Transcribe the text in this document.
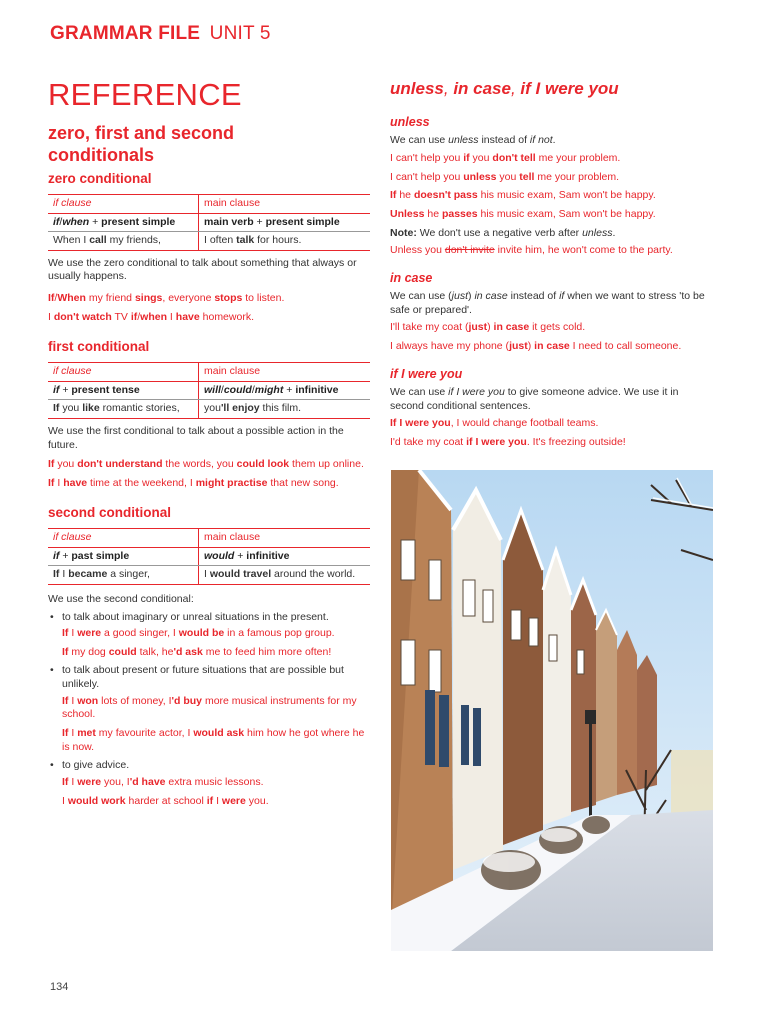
GRAMMAR FILE UNIT 5
REFERENCE
zero, first and second
conditionals
zero conditional
if clause	main clause
if/when + present simple	main verb + present simple
When I call my friends,	I often talk for hours.

We use the zero conditional to talk about something that always or usually happens.

If/When my friend sings, everyone stops to listen.

I don't watch TV if/when I have homework.

first conditional
if clause	main clause
if + present tense	will/could/might + infinitive
If you like romantic stories,	you'll enjoy this film.

We use the first conditional to talk about a possible action in the future.

If you don't understand the words, you could look them up online.

If I have time at the weekend, I might practise that new song.

second conditional
if clause	main clause
if + past simple	would + infinitive
If I became a singer,	I would travel around the world.

We use the second conditional:

• to talk about imaginary or unreal situations in the present.

If I were a good singer, I would be in a famous pop group.

If my dog could talk, he'd ask me to feed him more often!

• to talk about present or future situations that are possible but unlikely.

If I won lots of money, I'd buy more musical instruments for my school.

If I met my favourite actor, I would ask him how he got where he is now.

• to give advice.

If I were you, I'd have extra music lessons.

I would work harder at school if I were you.

unless, in case, if I were you
unless

We can use unless instead of if not.

I can't help you if you don't tell me your problem.

I can't help you unless you tell me your problem.

If he doesn't pass his music exam, Sam won't be happy.

Unless he passes his music exam, Sam won't be happy.

Note: We don't use a negative verb after unless.

Unless you don't invite invite him, he won't come to the party.

in case

We can use (just) in case instead of if when we want to stress 'to be safe or prepared'.

I'll take my coat (just) in case it gets cold.

I always have my phone (just) in case I need to call someone.

if I were you

We can use if I were you to give someone advice. We use it in second conditional sentences.

If I were you, I would change football teams.

I'd take my coat if I were you. It's freezing outside!

134
